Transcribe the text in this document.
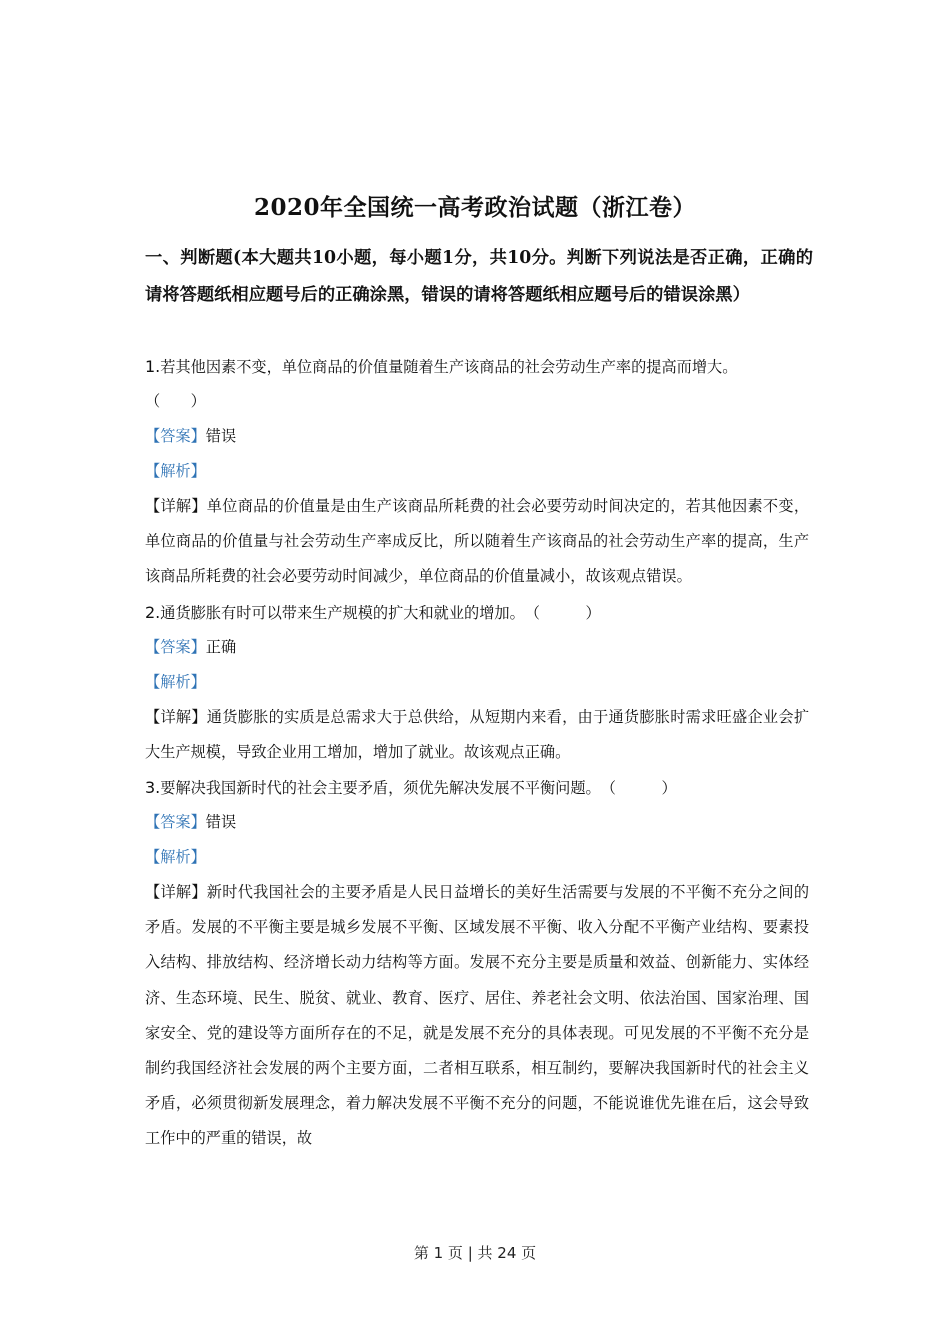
2020年全国统一高考政治试题（浙江卷）
一、判断题(本大题共10小题，每小题1分，共10分。判断下列说法是否正确，正确的请将答题纸相应题号后的正确涂黑，错误的请将答题纸相应题号后的错误涂黑）
1.若其他因素不变，单位商品的价值量随着生产该商品的社会劳动生产率的提高而增大。
（　　）
【答案】错误
【解析】
【详解】单位商品的价值量是由生产该商品所耗费的社会必要劳动时间决定的，若其他因素不变，单位商品的价值量与社会劳动生产率成反比，所以随着生产该商品的社会劳动生产率的提高，生产该商品所耗费的社会必要劳动时间减少，单位商品的价值量减小，故该观点错误。
2.通货膨胀有时可以带来生产规模的扩大和就业的增加。（　　　）
【答案】正确
【解析】
【详解】通货膨胀的实质是总需求大于总供给，从短期内来看，由于通货膨胀时需求旺盛企业会扩大生产规模，导致企业用工增加，增加了就业。故该观点正确。
3.要解决我国新时代的社会主要矛盾，须优先解决发展不平衡问题。（　　　）
【答案】错误
【解析】
【详解】新时代我国社会的主要矛盾是人民日益增长的美好生活需要与发展的不平衡不充分之间的矛盾。发展的不平衡主要是城乡发展不平衡、区域发展不平衡、收入分配不平衡产业结构、要素投入结构、排放结构、经济增长动力结构等方面。发展不充分主要是质量和效益、创新能力、实体经济、生态环境、民生、脱贫、就业、教育、医疗、居住、养老社会文明、依法治国、国家治理、国家安全、党的建设等方面所存在的不足，就是发展不充分的具体表现。可见发展的不平衡不充分是制约我国经济社会发展的两个主要方面，二者相互联系，相互制约，要解决我国新时代的社会主义矛盾，必须贯彻新发展理念，着力解决发展不平衡不充分的问题，不能说谁优先谁在后，这会导致工作中的严重的错误，故
第 1 页 | 共 24 页
